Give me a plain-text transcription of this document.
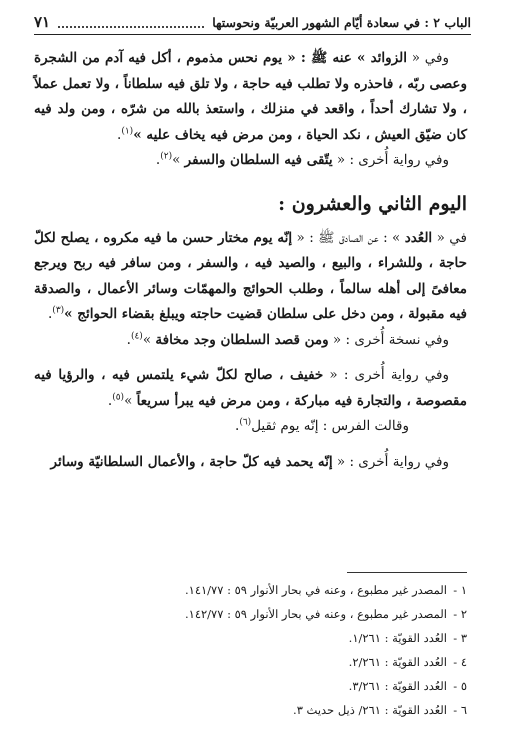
الباب ٢ : في سعادة أيّام الشهور العربيّة ونحوستها
٧١

وفي « الزوائد » عنه ﷺ : « يوم نحس مذموم ، أكل فيه آدم من الشجرة وعصى ربّه ، فاحذره ولا تطلب فيه حاجة ، ولا تلق فيه سلطاناً ، ولا تعمل عملاً ، ولا تشارك أحداً ، واقعد في منزلك ، واستعذ بالله من شرّه ، ومن ولد فيه كان ضيّق العيش ، نكد الحياة ، ومن مرض فيه يخاف عليه »$^{(١)}$.

وفي رواية أُخرى : « يتّقى فيه السلطان والسفر »$^{(٢)}$.

اليوم الثاني والعشرون :

في « العُدد » : عن الصادق ﷺ : « إنّه يوم مختار حسن ما فيه مكروه ، يصلح لكلّ حاجة ، وللشراء ، والبيع ، والصيد فيه ، والسفر ، ومن سافر فيه ربح ويرجع معافىً إلى أهله سالماً ، وطلب الحوائج والمهمّات وسائر الأعمال ، والصدقة فيه مقبولة ، ومن دخل على سلطان قضيت حاجته ويبلغ بقضاء الحوائج »$^{(٣)}$.

وفي نسخة أُخرى : « ومن قصد السلطان وجد مخافة »$^{(٤)}$.

وفي رواية أُخرى : « خفيف ، صالح لكلّ شيء يلتمس فيه ، والرؤيا فيه مقصوصة ، والتجارة فيه مباركة ، ومن مرض فيه يبرأ سريعاً »$^{(٥)}$.

وقالت الفرس : إنّه يوم ثقيل$^{(٦)}$.

وفي رواية أُخرى : « إنّه يحمد فيه كلّ حاجة ، والأعمال السلطانيّة وسائر

١ -
المصدر غير مطبوع ، وعنه في بحار الأنوار ٥٩ : ١٤١/٧٧.
٢ -
المصدر غير مطبوع ، وعنه في بحار الأنوار ٥٩ : ١٤٢/٧٧.
٣ -
العُدد القويّة : ١/٢٦١.
٤ -
العُدد القويّة : ٢/٢٦١.
٥ -
العُدد القويّة : ٣/٢٦١.
٦ -
العُدد القويّة : ٢٦١/ ذيل حديث ٣.
